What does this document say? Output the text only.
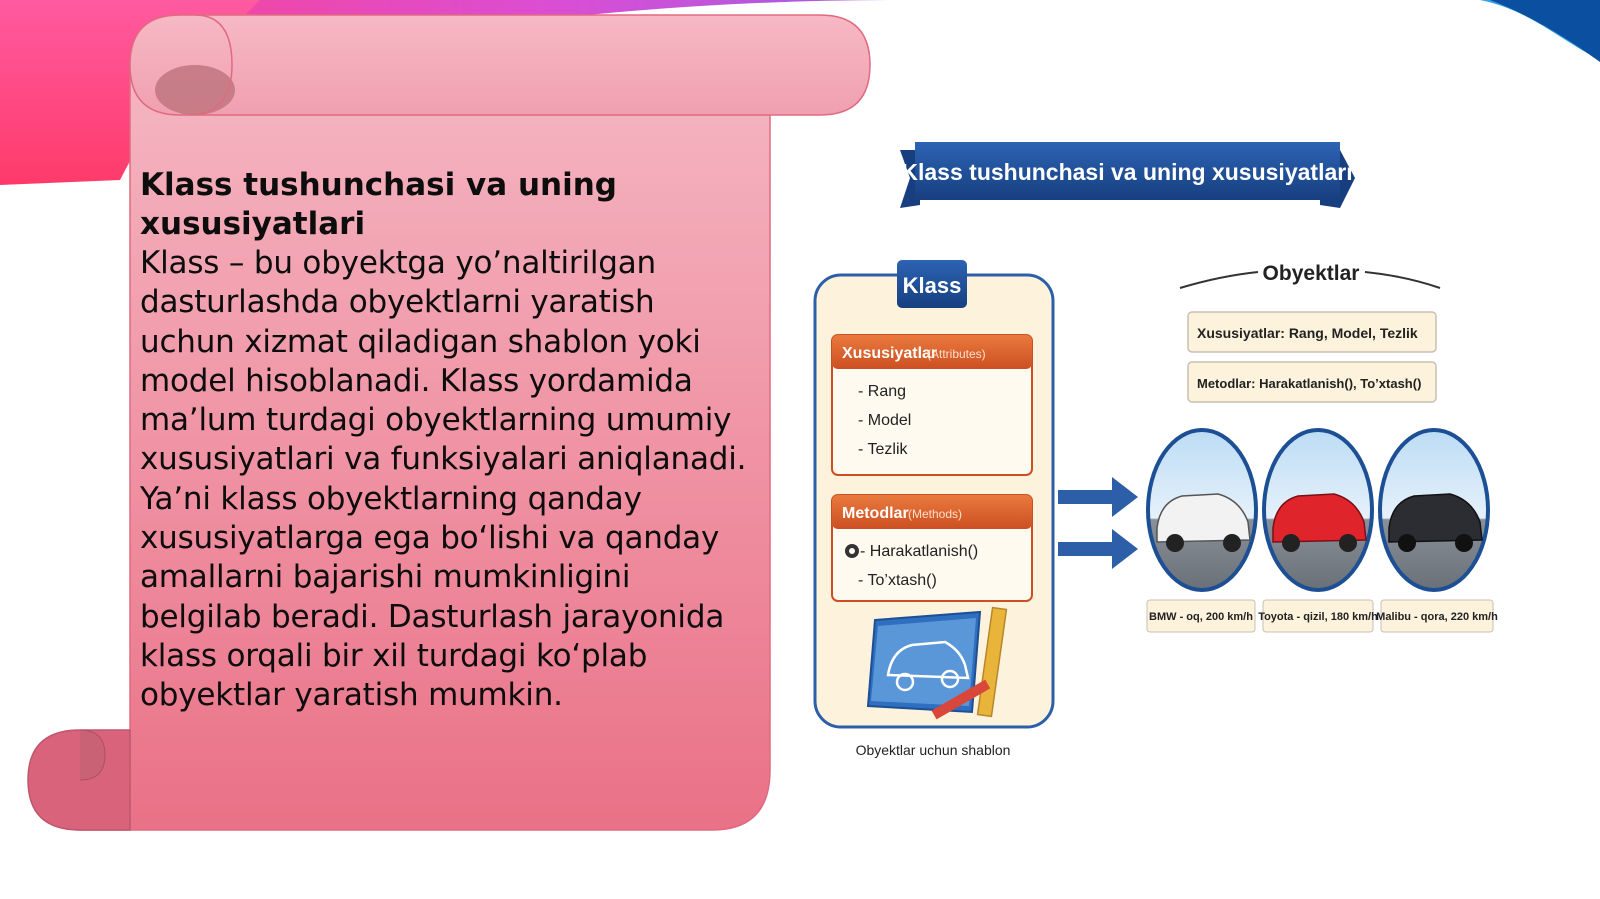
Klass tushunchasi va uning xususiyatlari
Klass – bu obyektga yo’naltirilgan dasturlashda obyektlarni yaratish uchun xizmat qiladigan shablon yoki model hisoblanadi. Klass yordamida ma’lum turdagi obyektlarning umumiy xususiyatlari va funksiyalari aniqlanadi. Ya’ni klass obyektlarning qanday xususiyatlarga ega bo‘lishi va qanday amallarni bajarishi mumkinligini belgilab beradi. Dasturlash jarayonida klass orqali bir xil turdagi ko‘plab obyektlar yaratish mumkin.
Klass tushunchasi va uning xususiyatlari
Klass
Xususiyatlar
(Attributes)
- Rang
- Model
- Tezlik
Metodlar (Methods)
- Harakatlanish()
- To’xtash()
Obyektlar uchun shablon
Obyektlar
Xususiyatlar: Rang, Model, Tezlik
Metodlar: Harakatlanish(), To’xtash()
BMW - oq, 200 km/h Toyota - qizil, 180 km/h
Malibu - qora, 220 km/h
